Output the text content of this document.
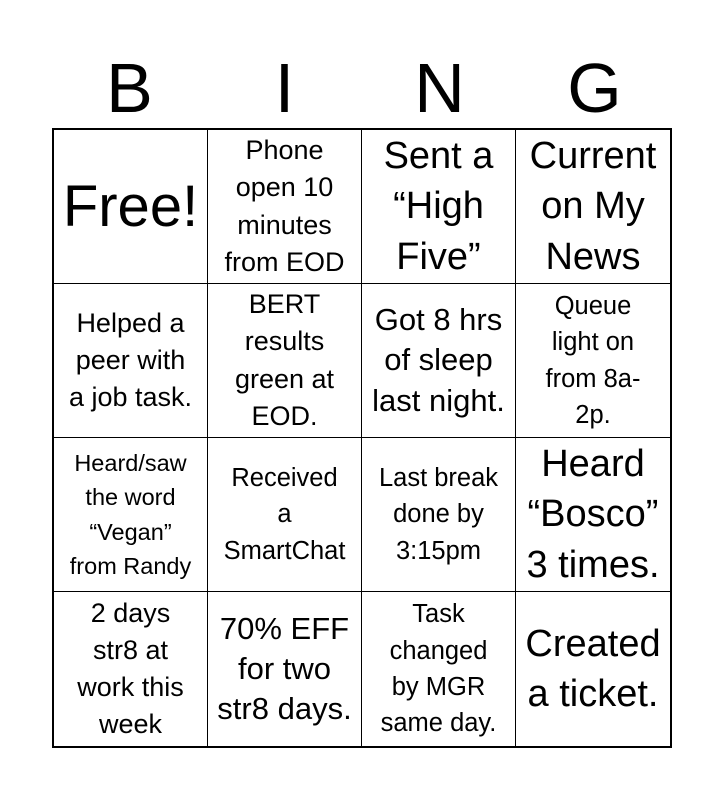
B	I	N	G
Free!
Phone
open 10
minutes
from EOD
Sent a
“High
Five”
Current
on My
News
Helped a
peer with
a job task.
BERT
results
green at
EOD.
Got 8 hrs
of sleep
last night.
Queue
light on
from 8a-
2p.
Heard/saw
the word
“Vegan”
from Randy
Received
a
SmartChat
Last break
done by
3:15pm
Heard
“Bosco”
3 times.
2 days
str8 at
work this
week
70% EFF
for two
str8 days.
Task
changed
by MGR
same day.
Created
a ticket.
